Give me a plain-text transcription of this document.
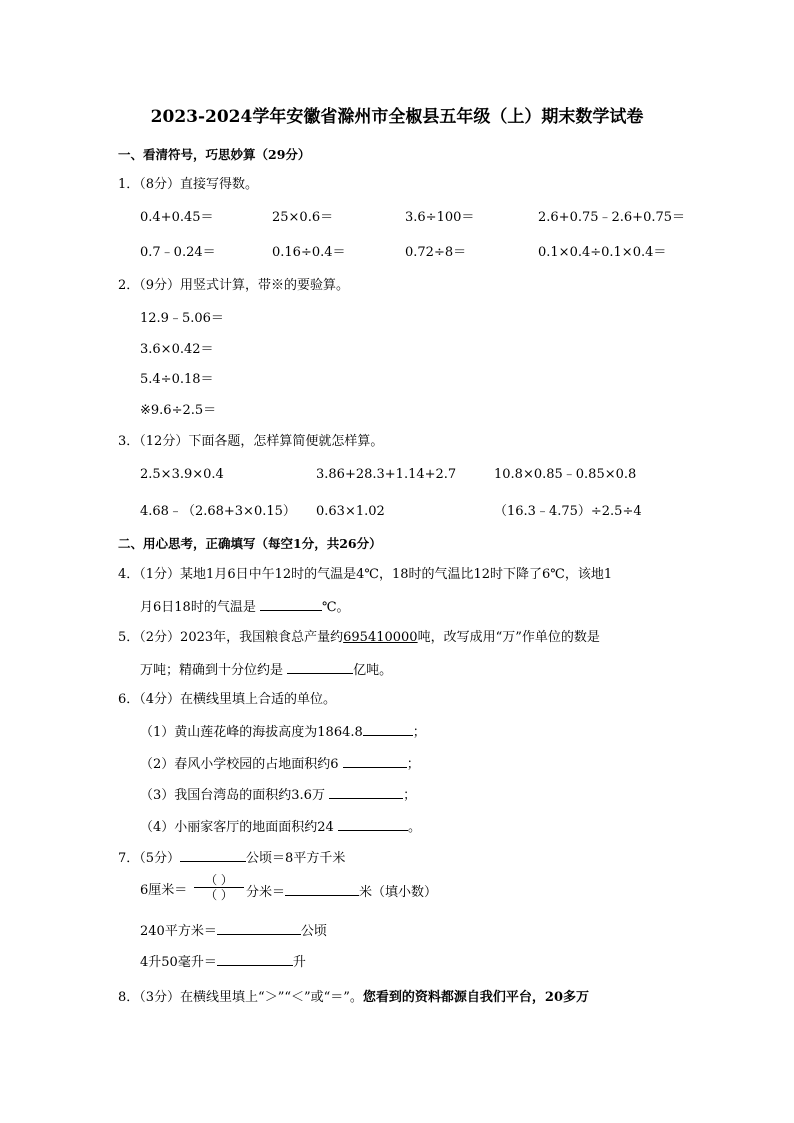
2023-2024学年安徽省滁州市全椒县五年级（上）期末数学试卷
一、看清符号，巧思妙算（29分）
1．（8分）直接写得数。
0.4+0.45＝	25×0.6＝	3.6÷100＝	2.6+0.75﹣2.6+0.75＝
0.7﹣0.24＝	0.16÷0.4＝	0.72÷8＝	0.1×0.4÷0.1×0.4＝
2．（9分）用竖式计算，带※的要验算。
12.9﹣5.06＝
3.6×0.42＝
5.4÷0.18＝
※9.6÷2.5＝
3．（12分）下面各题，怎样算简便就怎样算。
2.5×3.9×0.4	3.86+28.3+1.14+2.7	10.8×0.85﹣0.85×0.8
4.68﹣（2.68+3×0.15） 0.63×1.02	（16.3﹣4.75）÷2.5÷4
二、用心思考，正确填写（每空1分，共26分）
4．（1分）某地1月6日中午12时的气温是4℃，18时的气温比12时下降了6℃，该地1
月6日18时的气温是	℃。
5．（2分）2023年，我国粮食总产量约695410000吨，改写成用“万”作单位的数是
万吨；精确到十分位约是	亿吨。
6．（4分）在横线里填上合适的单位。
（1）黄山莲花峰的海拔高度为1864.8	；
（2）春风小学校园的占地面积约6	；
（3）我国台湾岛的面积约3.6万	；
（4）小丽家客厅的地面面积约24	。
7．（5分）	公顷＝8平方千米
6厘米＝
（ ）
（ ）	分米＝	米（填小数）
240平方米＝	公顷
4升50毫升＝	升
8．（3分）在横线里填上“＞”“＜”或“＝”。您看到的资料都源自我们平台，20多万
